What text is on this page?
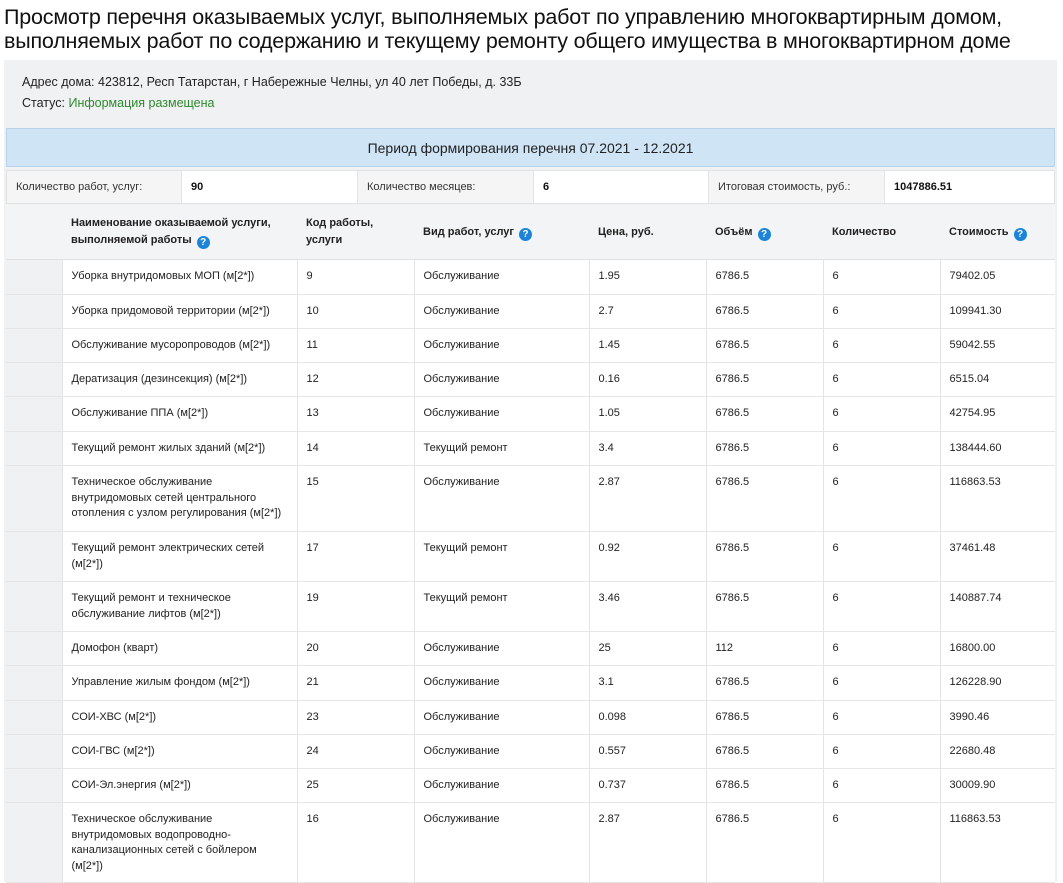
Просмотр перечня оказываемых услуг, выполняемых работ по управлению многоквартирным домом, выполняемых работ по содержанию и текущему ремонту общего имущества в многоквартирном доме
Адрес дома: 423812, Респ Татарстан, г Набережные Челны, ул 40 лет Победы, д. 33Б
Статус: Информация размещена
Период формирования перечня 07.2021 - 12.2021
Количество работ, услуг:	90	Количество месяцев:	6	Итоговая стоимость, руб.:	1047886.51
	Наименование оказываемой услуги, выполняемой работы ?	Код работы, услуги	Вид работ, услуг ?	Цена, руб.	Объём ?	Количество	Стоимость ?
	Уборка внутридомовых МОП (м[2*])	9	Обслуживание	1.95	6786.5	6	79402.05
	Уборка придомовой территории (м[2*])	10	Обслуживание	2.7	6786.5	6	109941.30
	Обслуживание мусоропроводов (м[2*])	11	Обслуживание	1.45	6786.5	6	59042.55
	Дератизация (дезинсекция) (м[2*])	12	Обслуживание	0.16	6786.5	6	6515.04
	Обслуживание ППА (м[2*])	13	Обслуживание	1.05	6786.5	6	42754.95
	Текущий ремонт жилых зданий (м[2*])	14	Текущий ремонт	3.4	6786.5	6	138444.60
	Техническое обслуживание внутридомовых сетей центрального отопления с узлом регулирования (м[2*])	15	Обслуживание	2.87	6786.5	6	116863.53
	Текущий ремонт электрических сетей (м[2*])	17	Текущий ремонт	0.92	6786.5	6	37461.48
	Текущий ремонт и техническое обслуживание лифтов (м[2*])	19	Текущий ремонт	3.46	6786.5	6	140887.74
	Домофон (кварт)	20	Обслуживание	25	112	6	16800.00
	Управление жилым фондом (м[2*])	21	Обслуживание	3.1	6786.5	6	126228.90
	СОИ-ХВС (м[2*])	23	Обслуживание	0.098	6786.5	6	3990.46
	СОИ-ГВС (м[2*])	24	Обслуживание	0.557	6786.5	6	22680.48
	СОИ-Эл.энергия (м[2*])	25	Обслуживание	0.737	6786.5	6	30009.90
	Техническое обслуживание внутридомовых водопроводно-канализационных сетей с бойлером (м[2*])	16	Обслуживание	2.87	6786.5	6	116863.53
